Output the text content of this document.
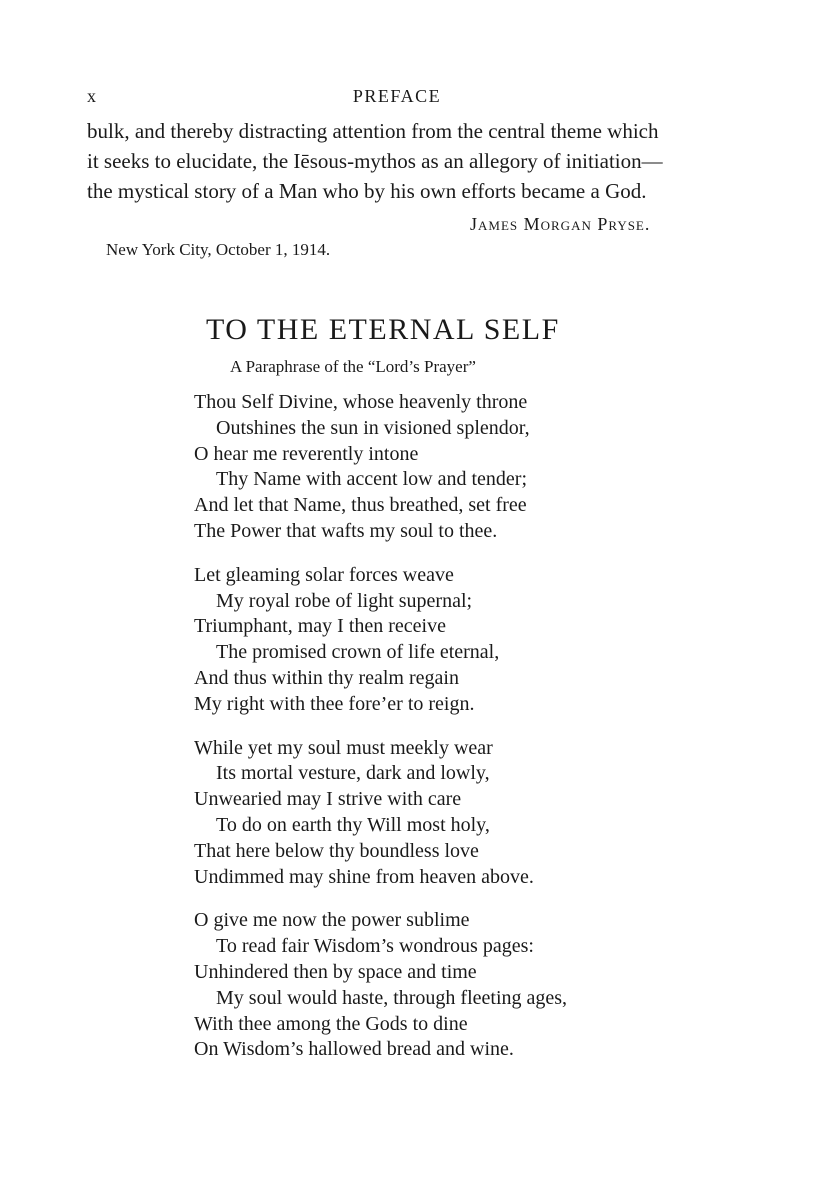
x	PREFACE

bulk, and thereby distracting attention from the central theme which
it seeks to elucidate, the Iēsous-mythos as an allegory of initiation—
the mystical story of a Man who by his own efforts became a God.

James Morgan Pryse.
New York City, October 1, 1914.
TO THE ETERNAL SELF
A Paraphrase of the “Lord’s Prayer”
Thou Self Divine, whose heavenly throne
Outshines the sun in visioned splendor,
O hear me reverently intone
Thy Name with accent low and tender;
And let that Name, thus breathed, set free
The Power that wafts my soul to thee.
Let gleaming solar forces weave
My royal robe of light supernal;
Triumphant, may I then receive
The promised crown of life eternal,
And thus within thy realm regain
My right with thee fore’er to reign.
While yet my soul must meekly wear
Its mortal vesture, dark and lowly,
Unwearied may I strive with care
To do on earth thy Will most holy,
That here below thy boundless love
Undimmed may shine from heaven above.
O give me now the power sublime
To read fair Wisdom’s wondrous pages:
Unhindered then by space and time
My soul would haste, through fleeting ages,
With thee among the Gods to dine
On Wisdom’s hallowed bread and wine.
